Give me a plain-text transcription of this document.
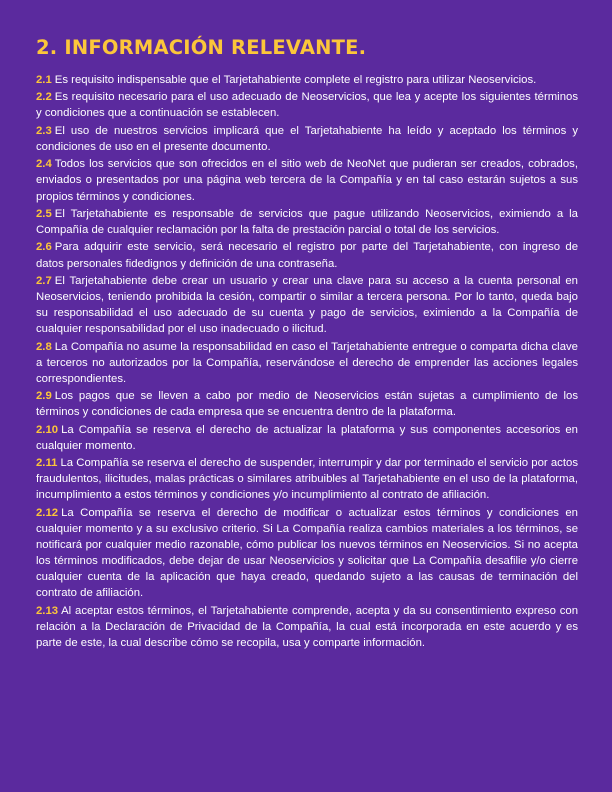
2. INFORMACIÓN RELEVANTE.
2.1 Es requisito indispensable que el Tarjetahabiente complete el registro para utilizar Neoservicios.
2.2 Es requisito necesario para el uso adecuado de Neoservicios, que lea y acepte los siguientes términos y condiciones que a continuación se establecen.
2.3 El uso de nuestros servicios implicará que el Tarjetahabiente ha leído y aceptado los términos y condiciones de uso en el presente documento.
2.4 Todos los servicios que son ofrecidos en el sitio web de NeoNet que pudieran ser creados, cobrados, enviados o presentados por una página web tercera de la Compañía y en tal caso estarán sujetos a sus propios términos y condiciones.
2.5 El Tarjetahabiente es responsable de servicios que pague utilizando Neoservicios, eximiendo a la Compañía de cualquier reclamación por la falta de prestación parcial o total de los servicios.
2.6 Para adquirir este servicio, será necesario el registro por parte del Tarjetahabiente, con ingreso de datos personales fidedignos y definición de una contraseña.
2.7 El Tarjetahabiente debe crear un usuario y crear una clave para su acceso a la cuenta personal en Neoservicios, teniendo prohibida la cesión, compartir o similar a tercera persona. Por lo tanto, queda bajo su responsabilidad el uso adecuado de su cuenta y pago de servicios, eximiendo a la Compañía de cualquier responsabilidad por el uso inadecuado o ilicitud.
2.8 La Compañía no asume la responsabilidad en caso el Tarjetahabiente entregue o comparta dicha clave a terceros no autorizados por la Compañía, reservándose el derecho de emprender las acciones legales correspondientes.
2.9 Los pagos que se lleven a cabo por medio de Neoservicios están sujetas a cumplimiento de los términos y condiciones de cada empresa que se encuentra dentro de la plataforma.
2.10 La Compañía se reserva el derecho de actualizar la plataforma y sus componentes accesorios en cualquier momento.
2.11 La Compañía se reserva el derecho de suspender, interrumpir y dar por terminado el servicio por actos fraudulentos, ilicitudes, malas prácticas o similares atribuibles al Tarjetahabiente en el uso de la plataforma, incumplimiento a estos términos y condiciones y/o incumplimiento al contrato de afiliación.
2.12 La Compañía se reserva el derecho de modificar o actualizar estos términos y condiciones en cualquier momento y a su exclusivo criterio. Si La Compañía realiza cambios materiales a los términos, se notificará por cualquier medio razonable, cómo publicar los nuevos términos en Neoservicios. Si no acepta los términos modificados, debe dejar de usar Neoservicios y solicitar que La Compañía desafilie y/o cierre cualquier cuenta de la aplicación que haya creado, quedando sujeto a las causas de terminación del contrato de afiliación.
2.13 Al aceptar estos términos, el Tarjetahabiente comprende, acepta y da su consentimiento expreso con relación a la Declaración de Privacidad de la Compañía, la cual está incorporada en este acuerdo y es parte de este, la cual describe cómo se recopila, usa y comparte información.
